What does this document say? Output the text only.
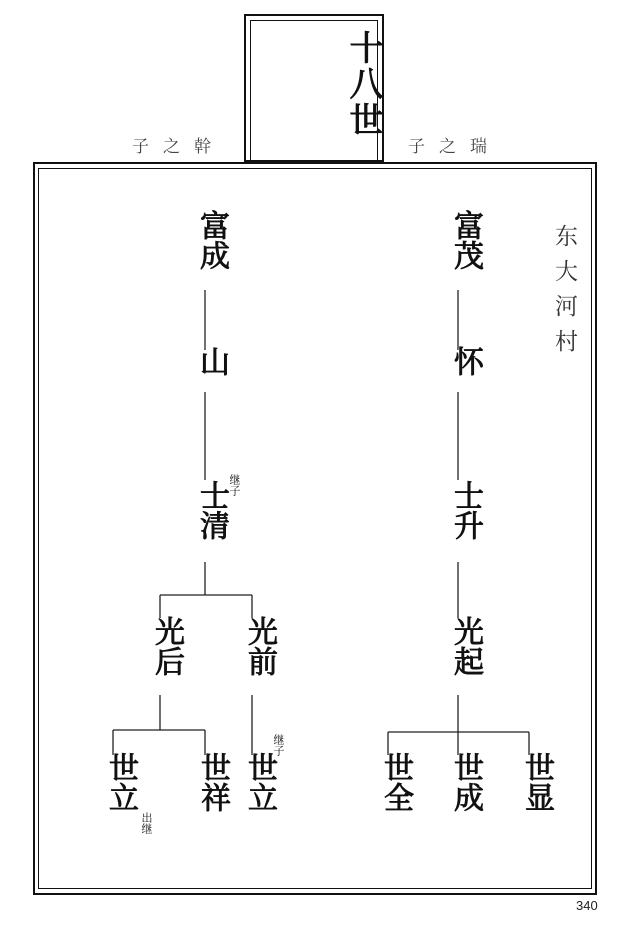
十八世
子之幹	子之瑞
富成
山
士清 继子
光后 光前
世立
出继
世祥 世立
继子
富茂
怀
士升
光起
世全 世成 世显
东大河村
340
